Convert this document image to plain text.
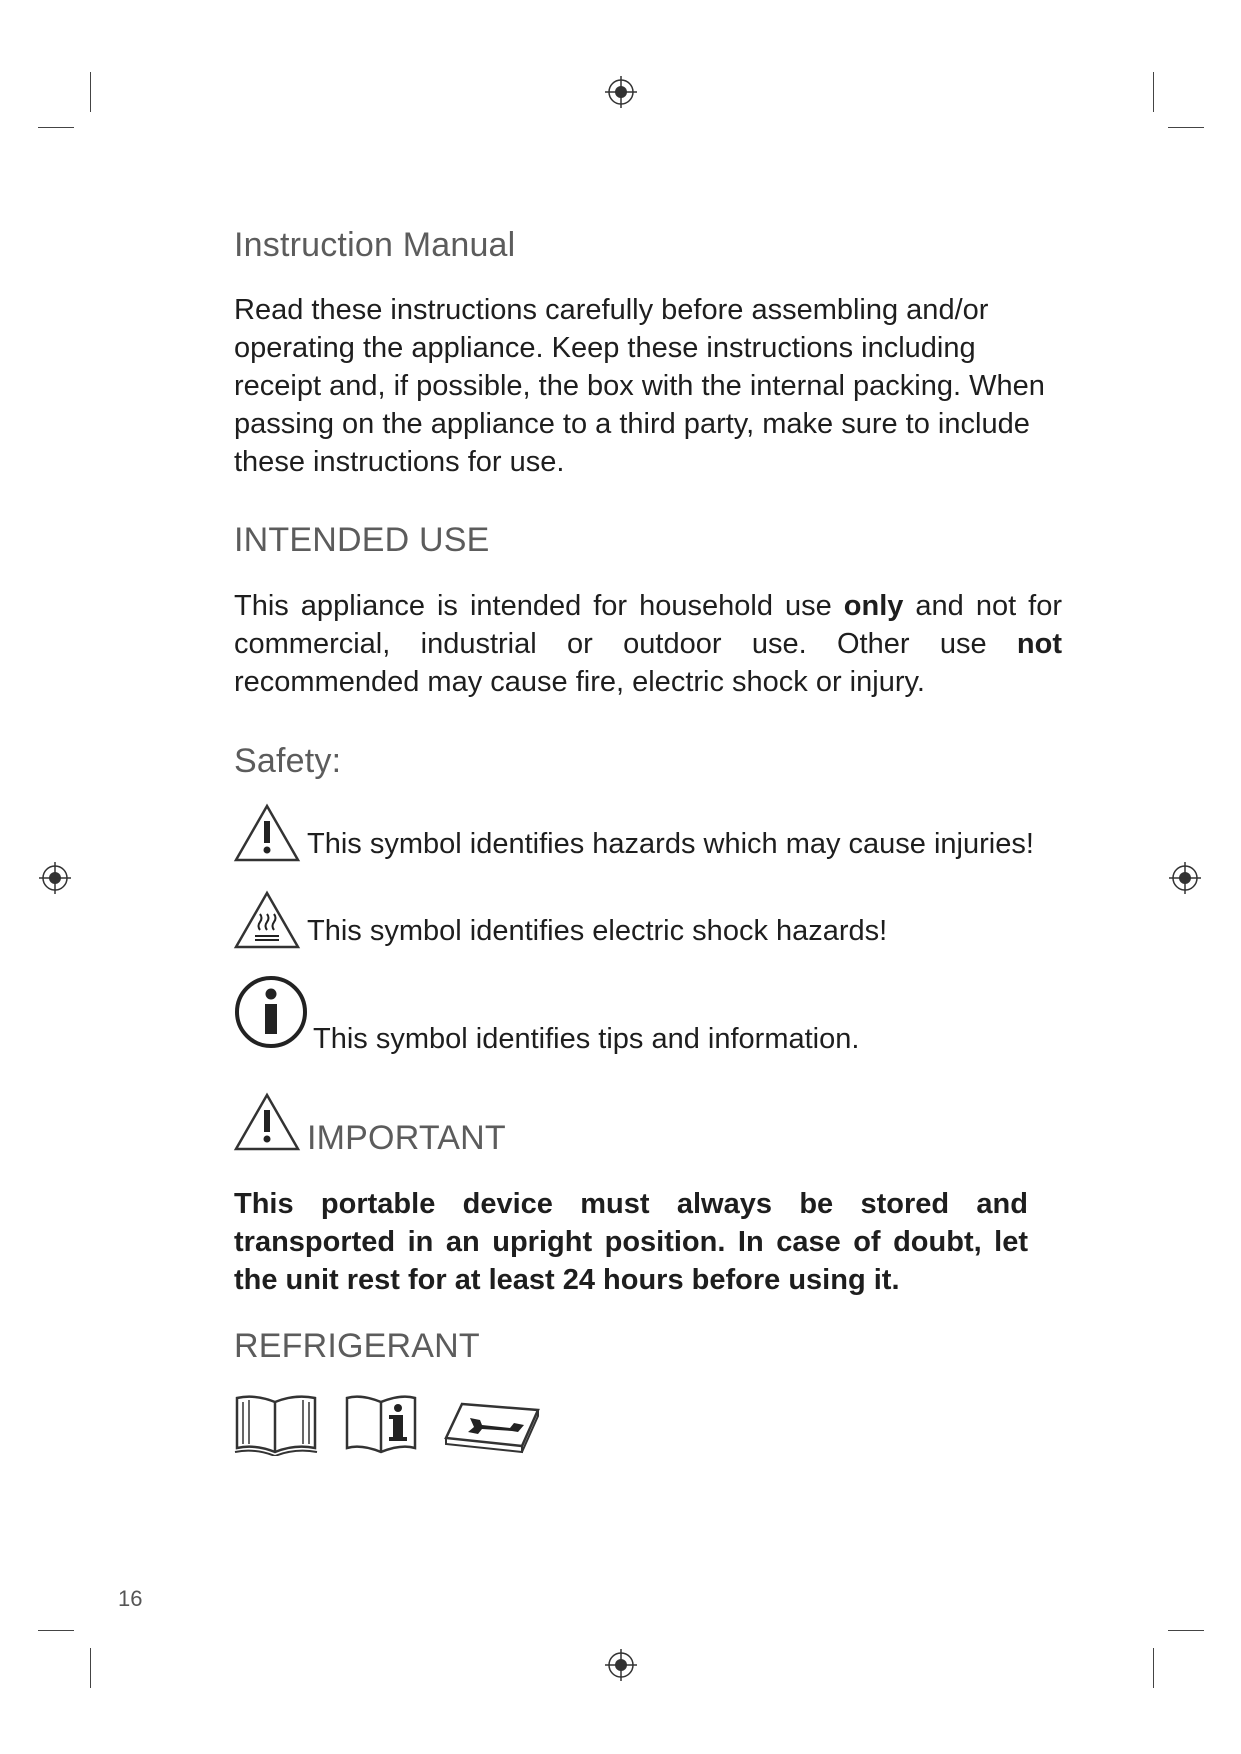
Instruction Manual

Read these instructions carefully before assembling and/or operating the appliance. Keep these instructions including receipt and, if possible, the box with the internal packing. When passing on the appliance to a third party, make sure to include these instructions for use.

INTENDED USE

This appliance is intended for household use only and not for commercial, industrial or outdoor use. Other use not recommended may cause fire, electric shock or injury.

Safety:
This symbol identifies hazards which may cause injuries!
This symbol identifies electric shock hazards!
This symbol identifies tips and information.
IMPORTANT

This portable device must always be stored and transported in an upright position. In case of doubt, let the unit rest for at least 24 hours before using it.

REFRIGERANT
16
